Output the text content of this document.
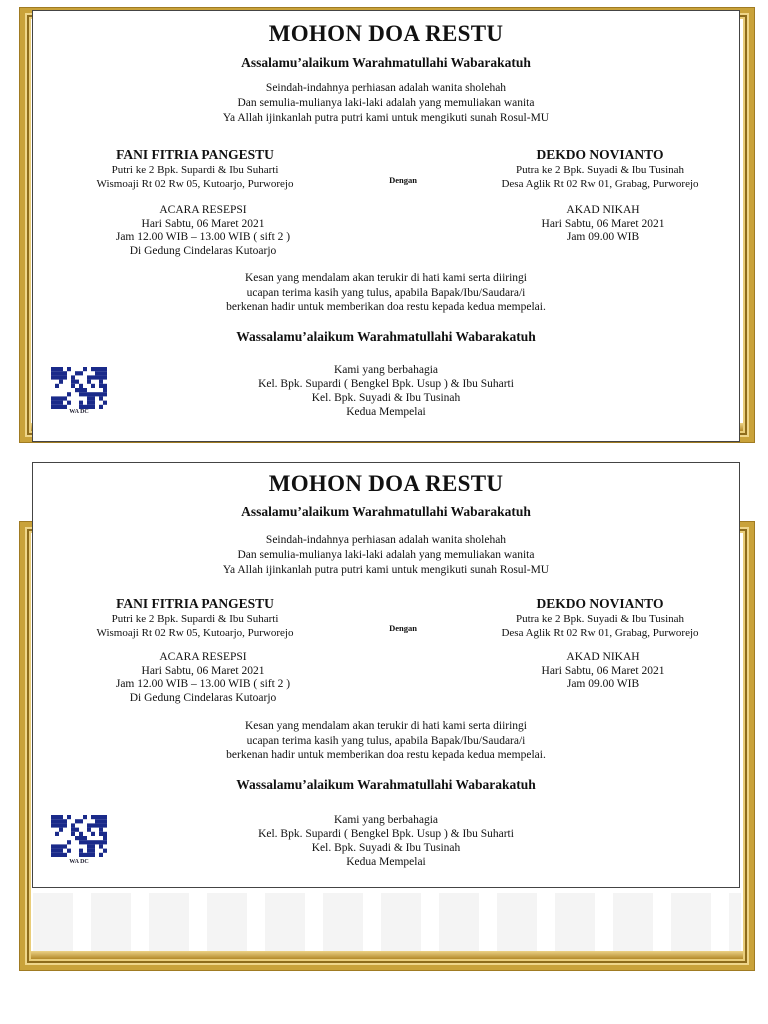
MOHON DOA RESTU
Assalamu’alaikum Warahmatullahi Wabarakatuh
Seindah-indahnya perhiasan adalah wanita sholehah
Dan semulia-mulianya laki-laki adalah yang memuliakan wanita
Ya Allah ijinkanlah putra putri kami untuk mengikuti sunah Rosul-MU
FANI FITRIA PANGESTU
Putri ke 2 Bpk. Supardi & Ibu Suharti
Wismoaji Rt 02 Rw 05, Kutoarjo, Purworejo	Dengan
DEKDO NOVIANTO
Putra ke 2 Bpk. Suyadi & Ibu Tusinah
Desa Aglik Rt 02 Rw 01, Grabag, Purworejo
ACARA RESEPSI
Hari Sabtu, 06 Maret 2021
Jam 12.00 WIB – 13.00 WIB ( sift 2 )
Di Gedung Cindelaras Kutoarjo
AKAD NIKAH
Hari Sabtu, 06 Maret 2021
Jam 09.00 WIB
Kesan yang mendalam akan terukir di hati kami serta diiringi
ucapan terima kasih yang tulus, apabila Bapak/Ibu/Saudara/i
berkenan hadir untuk memberikan doa restu kepada kedua mempelai.
Wassalamu’alaikum Warahmatullahi Wabarakatuh
Kami yang berbahagia
Kel. Bpk. Supardi ( Bengkel Bpk. Usup ) & Ibu Suharti
Kel. Bpk. Suyadi & Ibu Tusinah
Kedua Mempelai
WA DC
MOHON DOA RESTU
Assalamu’alaikum Warahmatullahi Wabarakatuh
Seindah-indahnya perhiasan adalah wanita sholehah
Dan semulia-mulianya laki-laki adalah yang memuliakan wanita
Ya Allah ijinkanlah putra putri kami untuk mengikuti sunah Rosul-MU
FANI FITRIA PANGESTU
Putri ke 2 Bpk. Supardi & Ibu Suharti
Wismoaji Rt 02 Rw 05, Kutoarjo, Purworejo	Dengan
DEKDO NOVIANTO
Putra ke 2 Bpk. Suyadi & Ibu Tusinah
Desa Aglik Rt 02 Rw 01, Grabag, Purworejo
ACARA RESEPSI
Hari Sabtu, 06 Maret 2021
Jam 12.00 WIB – 13.00 WIB ( sift 2 )
Di Gedung Cindelaras Kutoarjo
AKAD NIKAH
Hari Sabtu, 06 Maret 2021
Jam 09.00 WIB
Kesan yang mendalam akan terukir di hati kami serta diiringi
ucapan terima kasih yang tulus, apabila Bapak/Ibu/Saudara/i
berkenan hadir untuk memberikan doa restu kepada kedua mempelai.
Wassalamu’alaikum Warahmatullahi Wabarakatuh
Kami yang berbahagia
Kel. Bpk. Supardi ( Bengkel Bpk. Usup ) & Ibu Suharti
Kel. Bpk. Suyadi & Ibu Tusinah
Kedua Mempelai
WA DC
